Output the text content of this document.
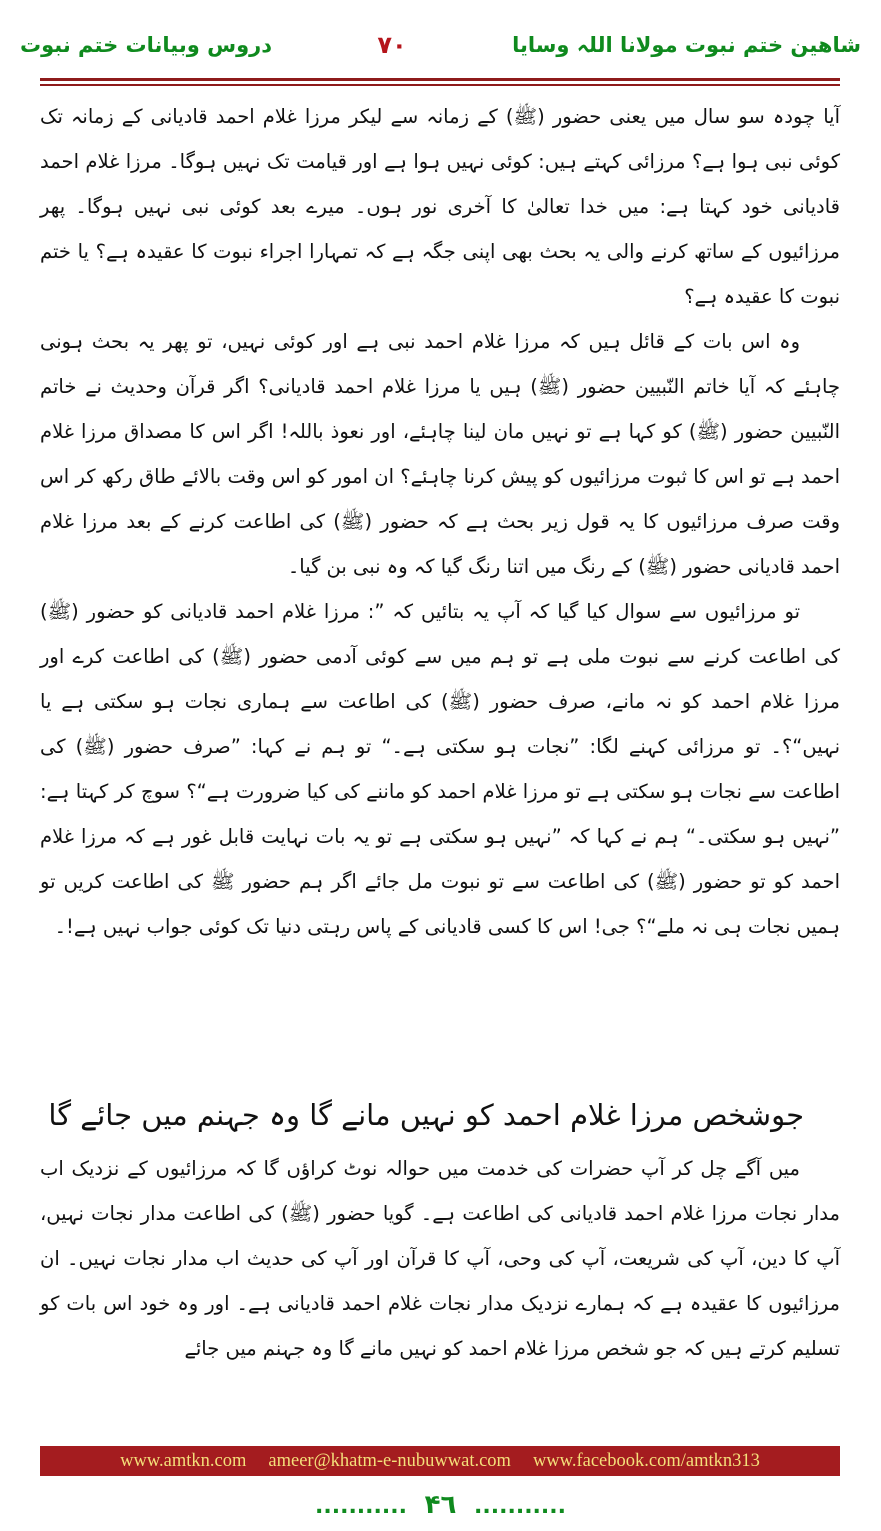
دروس وبیانات ختم نبوت	۷۰	شاھین ختم نبوت مولانا اللہ وسایا

آیا چودہ سو سال میں یعنی حضور (ﷺ) کے زمانہ سے لیکر مرزا غلام احمد قادیانی کے زمانہ تک کوئی نبی ہوا ہے؟ مرزائی کہتے ہیں: کوئی نہیں ہوا ہے اور قیامت تک نہیں ہوگا۔ مرزا غلام احمد قادیانی خود کہتا ہے: میں خدا تعالیٰ کا آخری نور ہوں۔ میرے بعد کوئی نبی نہیں ہوگا۔ پھر مرزائیوں کے ساتھ کرنے والی یہ بحث بھی اپنی جگہ ہے کہ تمہارا اجراء نبوت کا عقیدہ ہے؟ یا ختم نبوت کا عقیدہ ہے؟

وہ اس بات کے قائل ہیں کہ مرزا غلام احمد نبی ہے اور کوئی نہیں، تو پھر یہ بحث ہونی چاہئے کہ آیا خاتم النّبیین حضور (ﷺ) ہیں یا مرزا غلام احمد قادیانی؟ اگر قرآن وحدیث نے خاتم النّبیین حضور (ﷺ) کو کہا ہے تو نہیں مان لینا چاہئے، اور نعوذ باللہ! اگر اس کا مصداق مرزا غلام احمد ہے تو اس کا ثبوت مرزائیوں کو پیش کرنا چاہئے؟ ان امور کو اس وقت بالائے طاق رکھ کر اس وقت صرف مرزائیوں کا یہ قول زیر بحث ہے کہ حضور (ﷺ) کی اطاعت کرنے کے بعد مرزا غلام احمد قادیانی حضور (ﷺ) کے رنگ میں اتنا رنگ گیا کہ وہ نبی بن گیا۔

تو مرزائیوں سے سوال کیا گیا کہ آپ یہ بتائیں کہ ”: مرزا غلام احمد قادیانی کو حضور (ﷺ) کی اطاعت کرنے سے نبوت ملی ہے تو ہم میں سے کوئی آدمی حضور (ﷺ) کی اطاعت کرے اور مرزا غلام احمد کو نہ مانے، صرف حضور (ﷺ) کی اطاعت سے ہماری نجات ہو سکتی ہے یا نہیں“؟۔ تو مرزائی کہنے لگا: ”نجات ہو سکتی ہے۔“ تو ہم نے کہا: ”صرف حضور (ﷺ) کی اطاعت سے نجات ہو سکتی ہے تو مرزا غلام احمد کو ماننے کی کیا ضرورت ہے“؟ سوچ کر کہتا ہے: ”نہیں ہو سکتی۔“ ہم نے کہا کہ ”نہیں ہو سکتی ہے تو یہ بات نہایت قابل غور ہے کہ مرزا غلام احمد کو تو حضور (ﷺ) کی اطاعت سے تو نبوت مل جائے اگر ہم حضور ﷺ کی اطاعت کریں تو ہمیں نجات ہی نہ ملے“؟ جی! اس کا کسی قادیانی کے پاس رہتی دنیا تک کوئی جواب نہیں ہے!۔

جوشخص مرزا غلام احمد کو نہیں مانے گا وہ جہنم میں جائے گا

میں آگے چل کر آپ حضرات کی خدمت میں حوالہ نوٹ کراؤں گا کہ مرزائیوں کے نزدیک اب مدار نجات مرزا غلام احمد قادیانی کی اطاعت ہے۔ گویا حضور (ﷺ) کی اطاعت مدار نجات نہیں، آپ کا دین، آپ کی شریعت، آپ کی وحی، آپ کا قرآن اور آپ کی حدیث اب مدار نجات نہیں۔ ان مرزائیوں کا عقیدہ ہے کہ ہمارے نزدیک مدار نجات غلام احمد قادیانی ہے۔ اور وہ خود اس بات کو تسلیم کرتے ہیں کہ جو شخص مرزا غلام احمد کو نہیں مانے گا وہ جہنم میں جائے

www.amtkn.com ameer@khatm-e-nubuwwat.com www.facebook.com/amtkn313
........... ۴٦ ...........
